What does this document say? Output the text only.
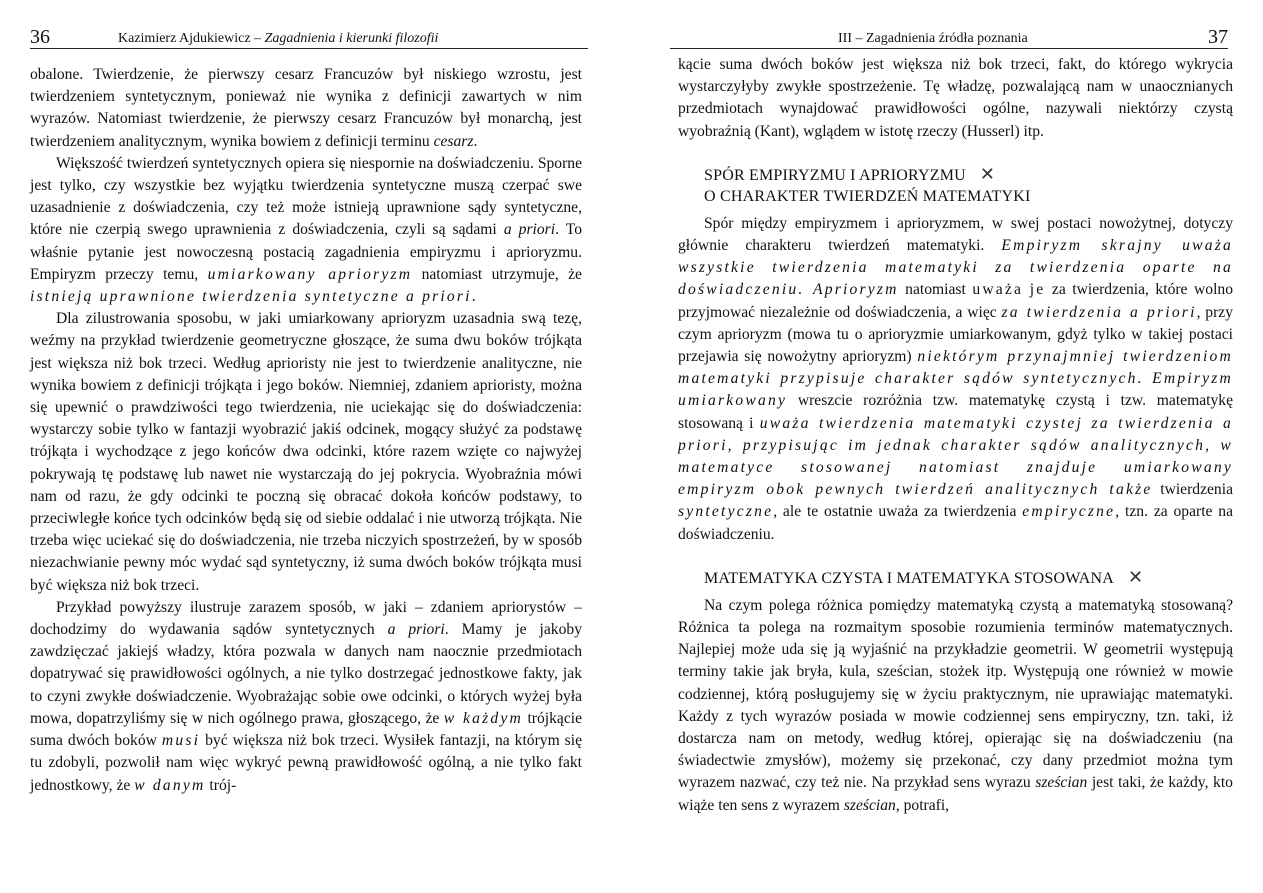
36	Kazimierz Ajdukiewicz – Zagadnienia i kierunki filozofii

obalone. Twierdzenie, że pierwszy cesarz Francuzów był niskiego wzrostu, jest twierdzeniem syntetycznym, ponieważ nie wynika z definicji zawartych w nim wyrazów. Natomiast twierdzenie, że pierwszy cesarz Francuzów był monarchą, jest twierdzeniem analitycznym, wynika bowiem z definicji terminu cesarz.

Większość twierdzeń syntetycznych opiera się niespornie na doświadczeniu. Sporne jest tylko, czy wszystkie bez wyjątku twierdzenia syntetyczne muszą czerpać swe uzasadnienie z doświadczenia, czy też może istnieją uprawnione sądy syntetyczne, które nie czerpią swego uprawnienia z doświadczenia, czyli są sądami a priori. To właśnie pytanie jest nowoczesną postacią zagadnienia empiryzmu i aprioryzmu. Empiryzm przeczy temu, umiarkowany aprioryzm natomiast utrzymuje, że istnieją uprawnione twierdzenia syntetyczne a priori.

Dla zilustrowania sposobu, w jaki umiarkowany aprioryzm uzasadnia swą tezę, weźmy na przykład twierdzenie geometryczne głoszące, że suma dwu boków trójkąta jest większa niż bok trzeci. Według aprioristy nie jest to twierdzenie analityczne, nie wynika bowiem z definicji trójkąta i jego boków. Niemniej, zdaniem aprioristy, można się upewnić o prawdziwości tego twierdzenia, nie uciekając się do doświadczenia: wystarczy sobie tylko w fantazji wyobrazić jakiś odcinek, mogący służyć za podstawę trójkąta i wychodzące z jego końców dwa odcinki, które razem wzięte co najwyżej pokrywają tę podstawę lub nawet nie wystarczają do jej pokrycia. Wyobraźnia mówi nam od razu, że gdy odcinki te poczną się obracać dokoła końców podstawy, to przeciwległe końce tych odcinków będą się od siebie oddalać i nie utworzą trójkąta. Nie trzeba więc uciekać się do doświadczenia, nie trzeba niczyich spostrzeżeń, by w sposób niezachwianie pewny móc wydać sąd syntetyczny, iż suma dwóch boków trójkąta musi być większa niż bok trzeci.

Przykład powyższy ilustruje zarazem sposób, w jaki – zdaniem apriorystów – dochodzimy do wydawania sądów syntetycznych a priori. Mamy je jakoby zawdzięczać jakiejś władzy, która pozwala w danych nam naocznie przedmiotach dopatrywać się prawidłowości ogólnych, a nie tylko dostrzegać jednostkowe fakty, jak to czyni zwykłe doświadczenie. Wyobrażając sobie owe odcinki, o których wyżej była mowa, dopatrzyliśmy się w nich ogólnego prawa, głoszącego, że w każdym trójkącie suma dwóch boków musi być większa niż bok trzeci. Wysiłek fantazji, na którym się tu zdobyli, pozwolił nam więc wykryć pewną prawidłowość ogólną, a nie tylko fakt jednostkowy, że w danym trój-

III – Zagadnienia źródła poznania	37

kącie suma dwóch boków jest większa niż bok trzeci, fakt, do którego wykrycia wystarczyłyby zwykłe spostrzeżenie. Tę władzę, pozwalającą nam w unaocznianych przedmiotach wynajdować prawidłowości ogólne, nazywali niektórzy czystą wyobraźnią (Kant), wglądem w istotę rzeczy (Husserl) itp.

SPÓR EMPIRYZMU I APRIORYZMU ✕
O CHARAKTER TWIERDZEŃ MATEMATYKI

Spór między empiryzmem i aprioryzmem, w swej postaci nowożytnej, dotyczy głównie charakteru twierdzeń matematyki. Empiryzm skrajny uważa wszystkie twierdzenia matematyki za twierdzenia oparte na doświadczeniu. Aprioryzm natomiast uważa je za twierdzenia, które wolno przyjmować niezależnie od doświadczenia, a więc za twierdzenia a priori, przy czym aprioryzm (mowa tu o aprioryzmie umiarkowanym, gdyż tylko w takiej postaci przejawia się nowożytny aprioryzm) niektórym przynajmniej twierdzeniom matematyki przypisuje charakter sądów syntetycznych. Empiryzm umiarkowany wreszcie rozróżnia tzw. matematykę czystą i tzw. matematykę stosowaną i uważa twierdzenia matematyki czystej za twierdzenia a priori, przypisując im jednak charakter sądów analitycznych, w matematyce stosowanej natomiast znajduje umiarkowany empiryzm obok pewnych twierdzeń analitycznych także twierdzenia syntetyczne, ale te ostatnie uważa za twierdzenia empiryczne, tzn. za oparte na doświadczeniu.

MATEMATYKA CZYSTA I MATEMATYKA STOSOWANA ✕

Na czym polega różnica pomiędzy matematyką czystą a matematyką stosowaną? Różnica ta polega na rozmaitym sposobie rozumienia terminów matematycznych. Najlepiej może uda się ją wyjaśnić na przykładzie geometrii. W geometrii występują terminy takie jak bryła, kula, sześcian, stożek itp. Występują one również w mowie codziennej, którą posługujemy się w życiu praktycznym, nie uprawiając matematyki. Każdy z tych wyrazów posiada w mowie codziennej sens empiryczny, tzn. taki, iż dostarcza nam on metody, według której, opierając się na doświadczeniu (na świadectwie zmysłów), możemy się przekonać, czy dany przedmiot można tym wyrazem nazwać, czy też nie. Na przykład sens wyrazu sześcian jest taki, że każdy, kto wiąże ten sens z wyrazem sześcian, potrafi,
